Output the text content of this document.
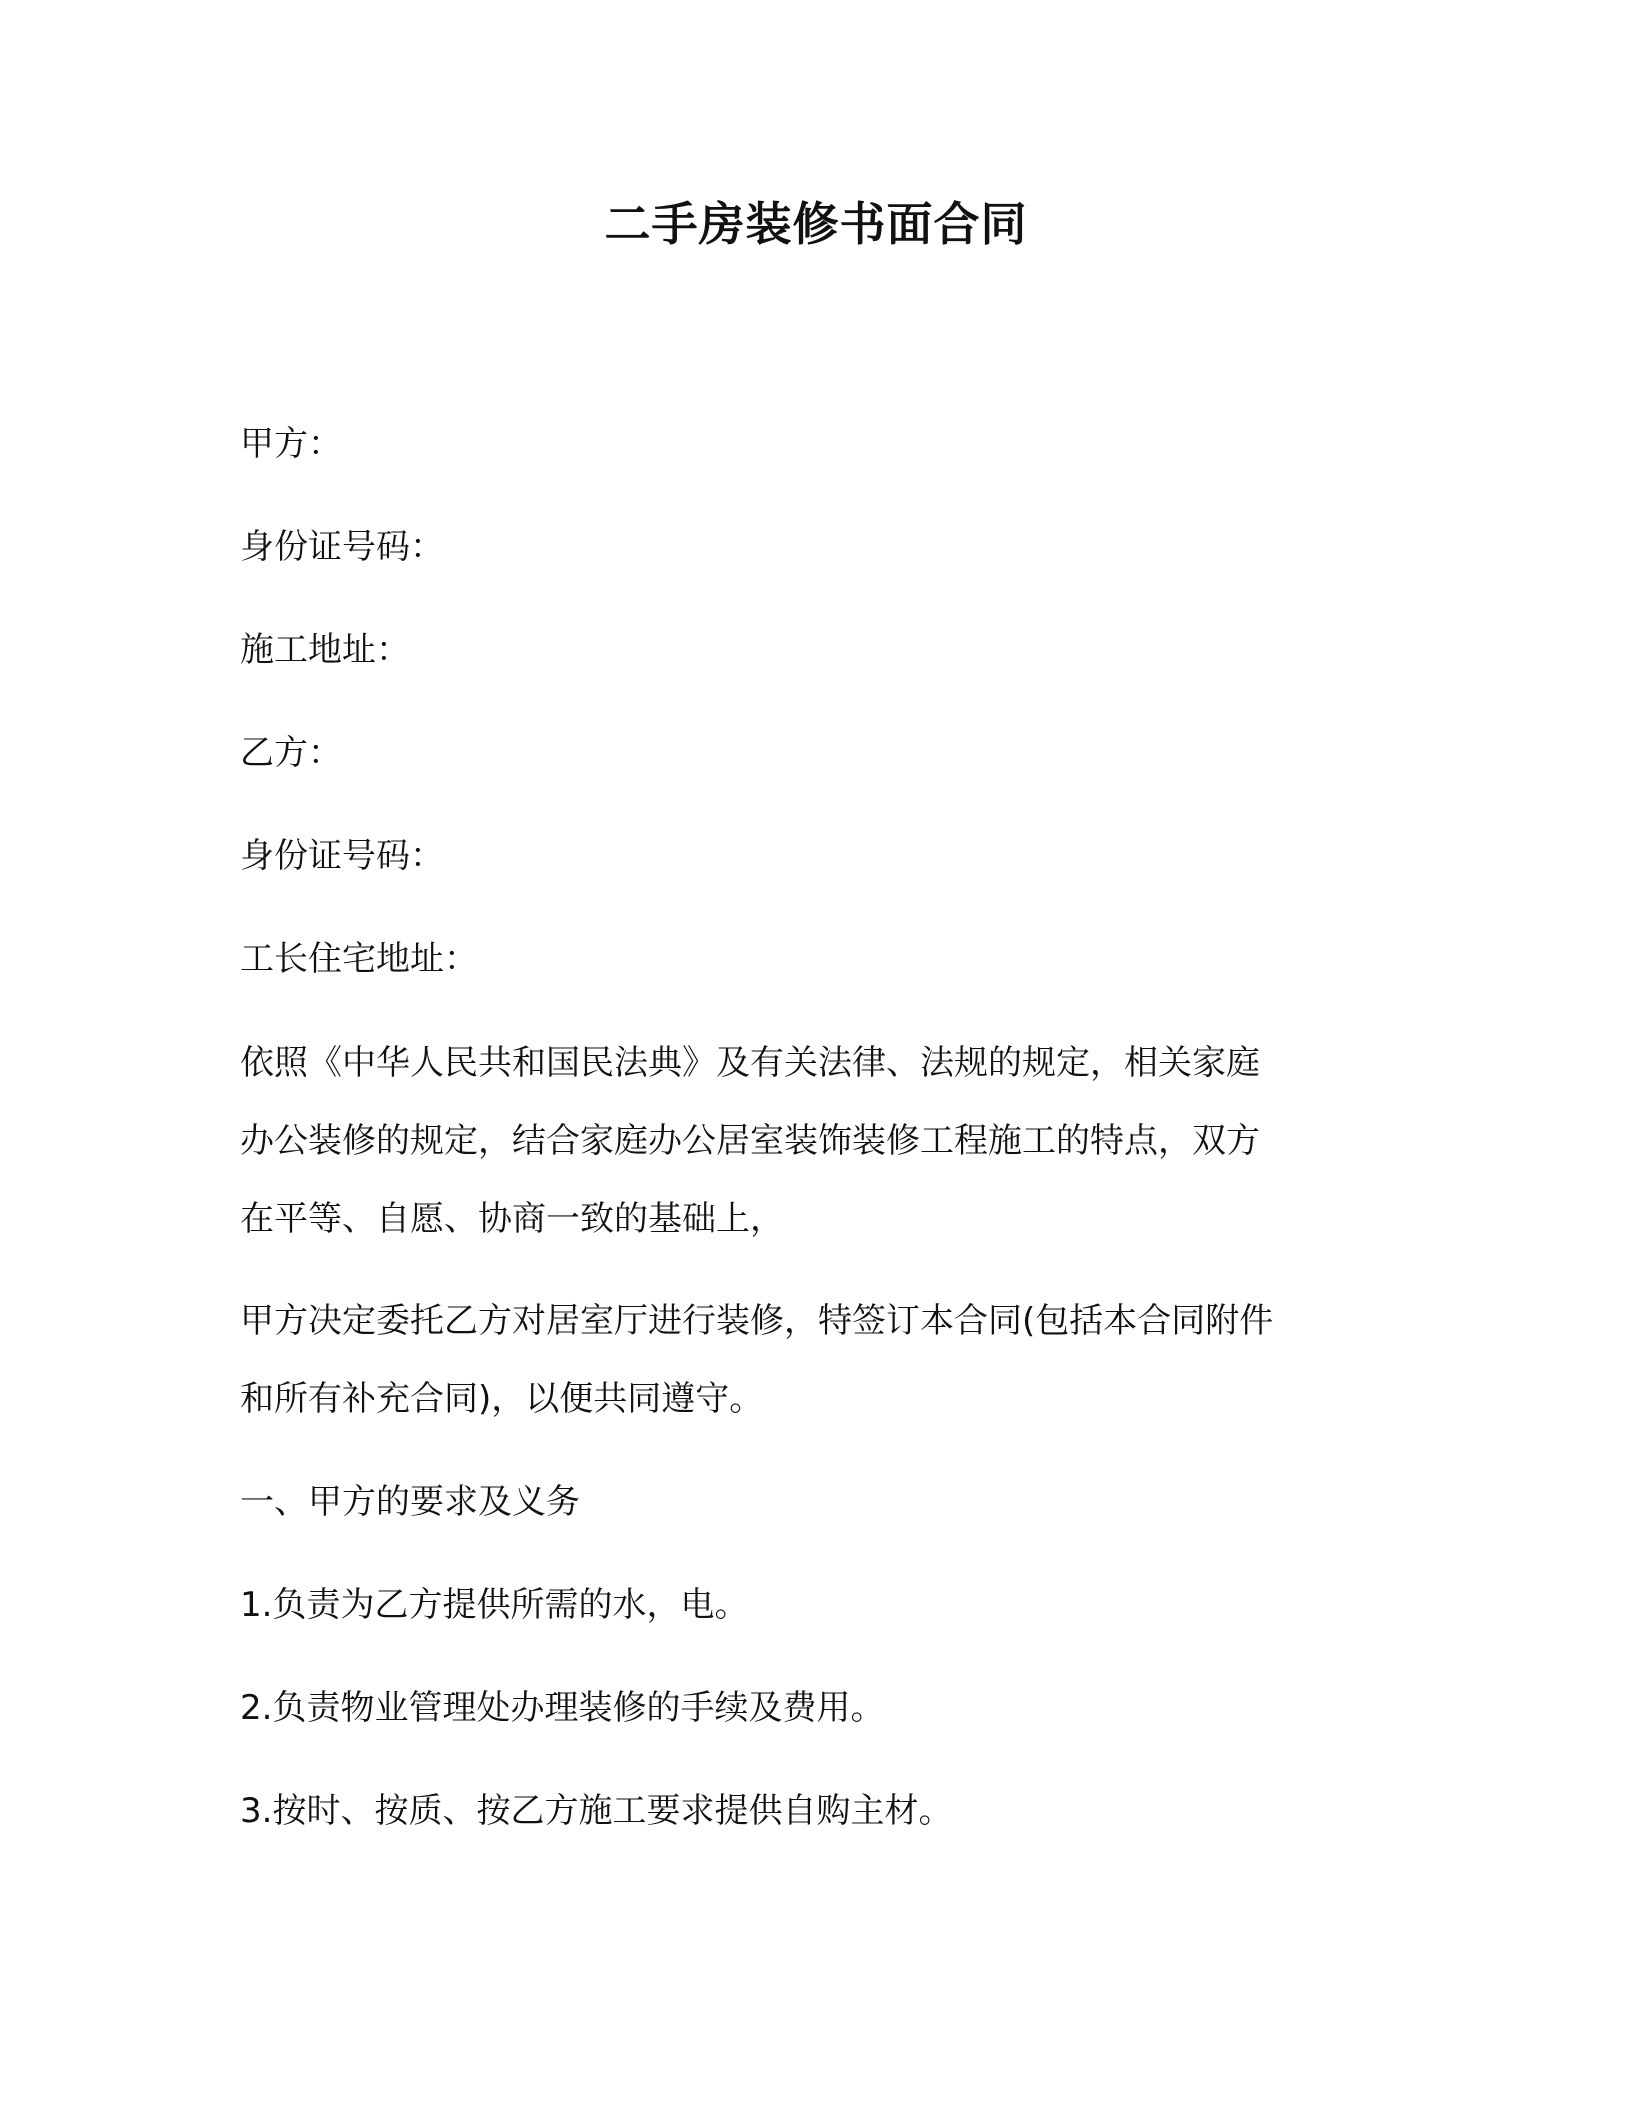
二手房装修书面合同

甲方：

身份证号码：

施工地址：

乙方：

身份证号码：

工长住宅地址：

依照《中华人民共和国民法典》及有关法律、法规的规定，相关家庭
办公装修的规定，结合家庭办公居室装饰装修工程施工的特点，双方
在平等、自愿、协商一致的基础上，
甲方决定委托乙方对居室厅进行装修，特签订本合同(包括本合同附件
和所有补充合同)，以便共同遵守。

一、甲方的要求及义务

1.负责为乙方提供所需的水，电。

2.负责物业管理处办理装修的手续及费用。

3.按时、按质、按乙方施工要求提供自购主材。
